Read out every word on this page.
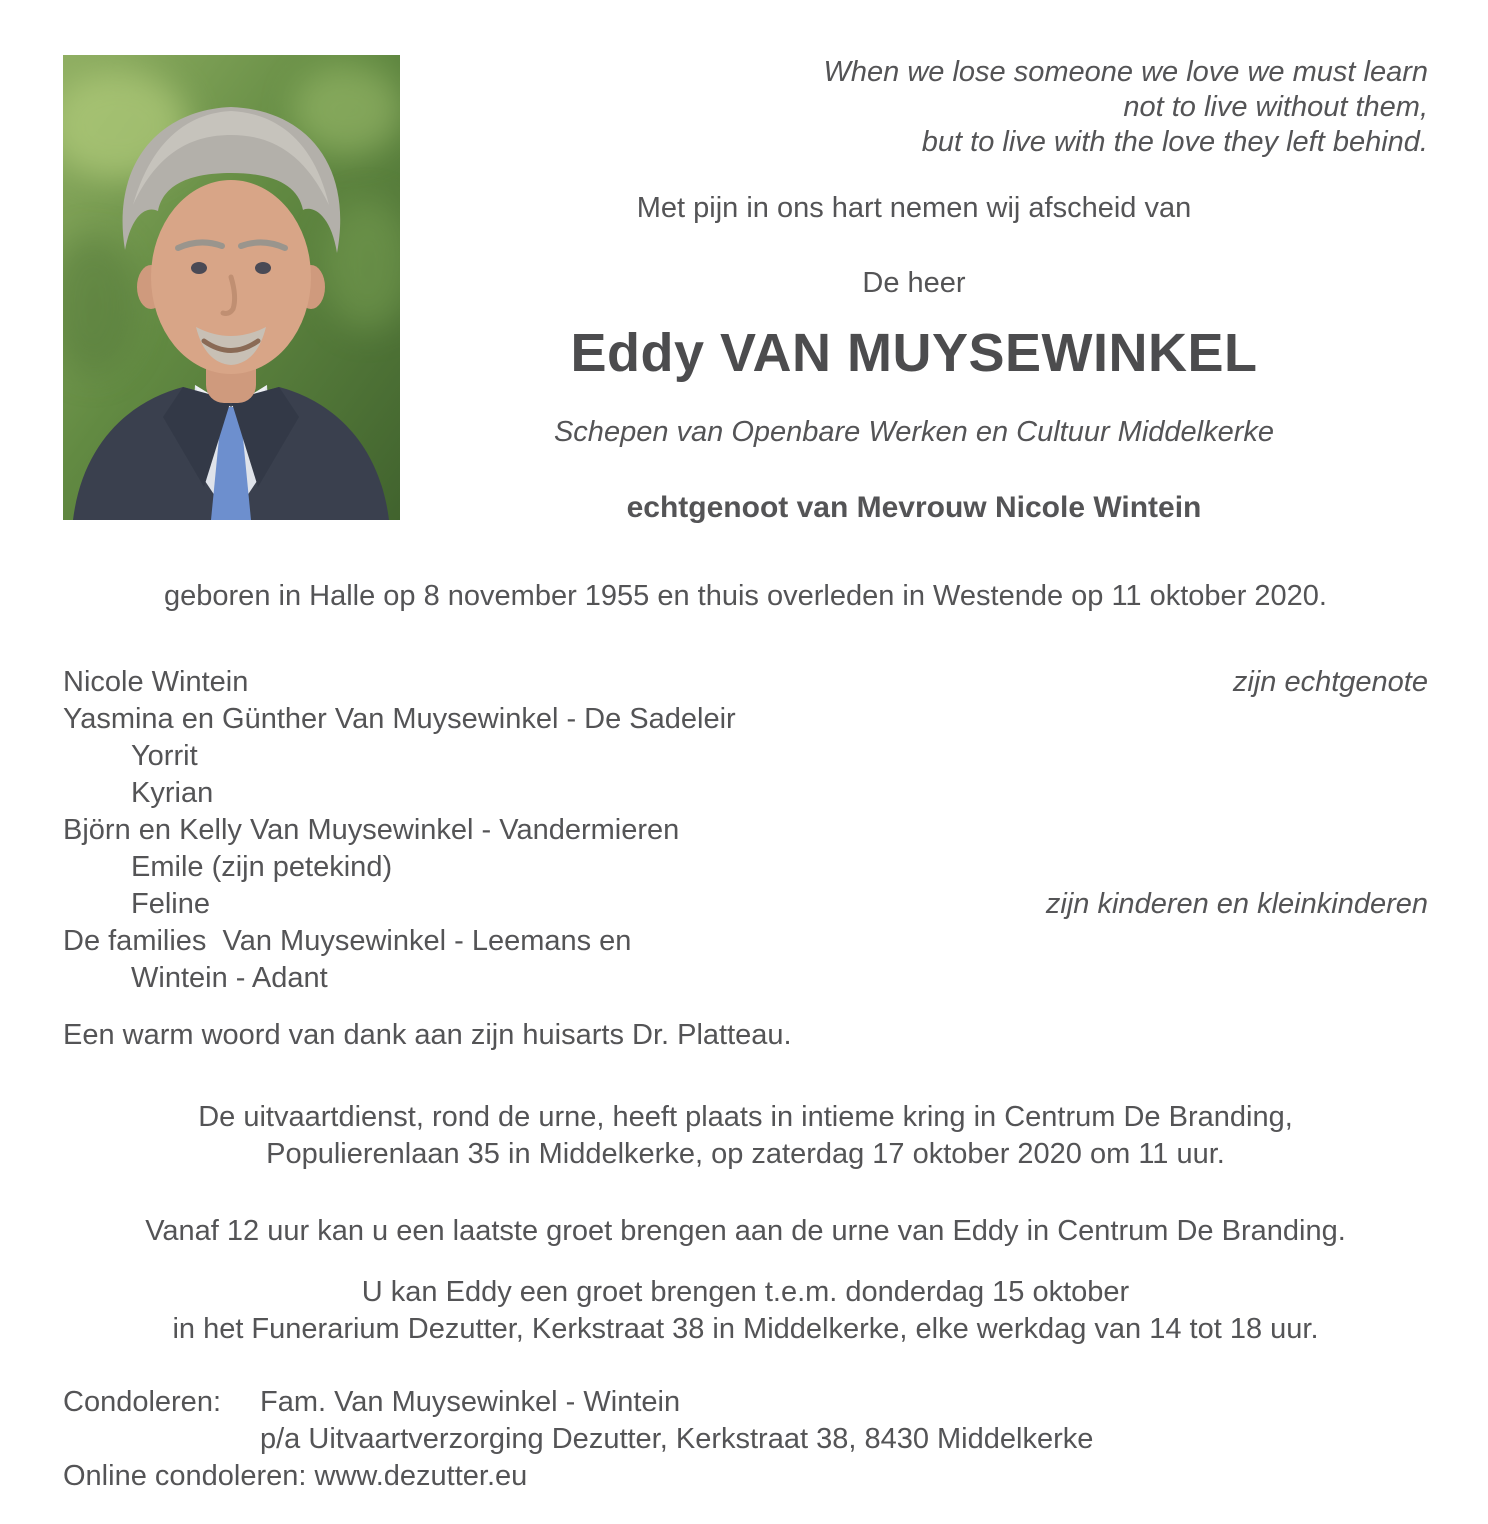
When we lose someone we love we must learn
not to live without them,
but to live with the love they left behind.

Met pijn in ons hart nemen wij afscheid van

De heer

Eddy VAN MUYSEWINKEL

Schepen van Openbare Werken en Cultuur Middelkerke

echtgenoot van Mevrouw Nicole Wintein

geboren in Halle op 8 november 1955 en thuis overleden in Westende op 11 oktober 2020.

Nicole Wintein	zijn echtgenote
Yasmina en Günther Van Muysewinkel - De Sadeleir
Yorrit
Kyrian
Björn en Kelly Van Muysewinkel - Vandermieren
Emile (zijn petekind)
Feline	zijn kinderen en kleinkinderen
De families  Van Muysewinkel - Leemans en
Wintein - Adant

Een warm woord van dank aan zijn huisarts Dr. Platteau.

De uitvaartdienst, rond de urne, heeft plaats in intieme kring in Centrum De Branding,
Populierenlaan 35 in Middelkerke, op zaterdag 17 oktober 2020 om 11 uur.

Vanaf 12 uur kan u een laatste groet brengen aan de urne van Eddy in Centrum De Branding.

U kan Eddy een groet brengen t.e.m. donderdag 15 oktober
in het Funerarium Dezutter, Kerkstraat 38 in Middelkerke, elke werkdag van 14 tot 18 uur.
Condoleren:	Fam. Van Muysewinkel - Wintein
p/a Uitvaartverzorging Dezutter, Kerkstraat 38, 8430 Middelkerke
Online condoleren: www.dezutter.eu
